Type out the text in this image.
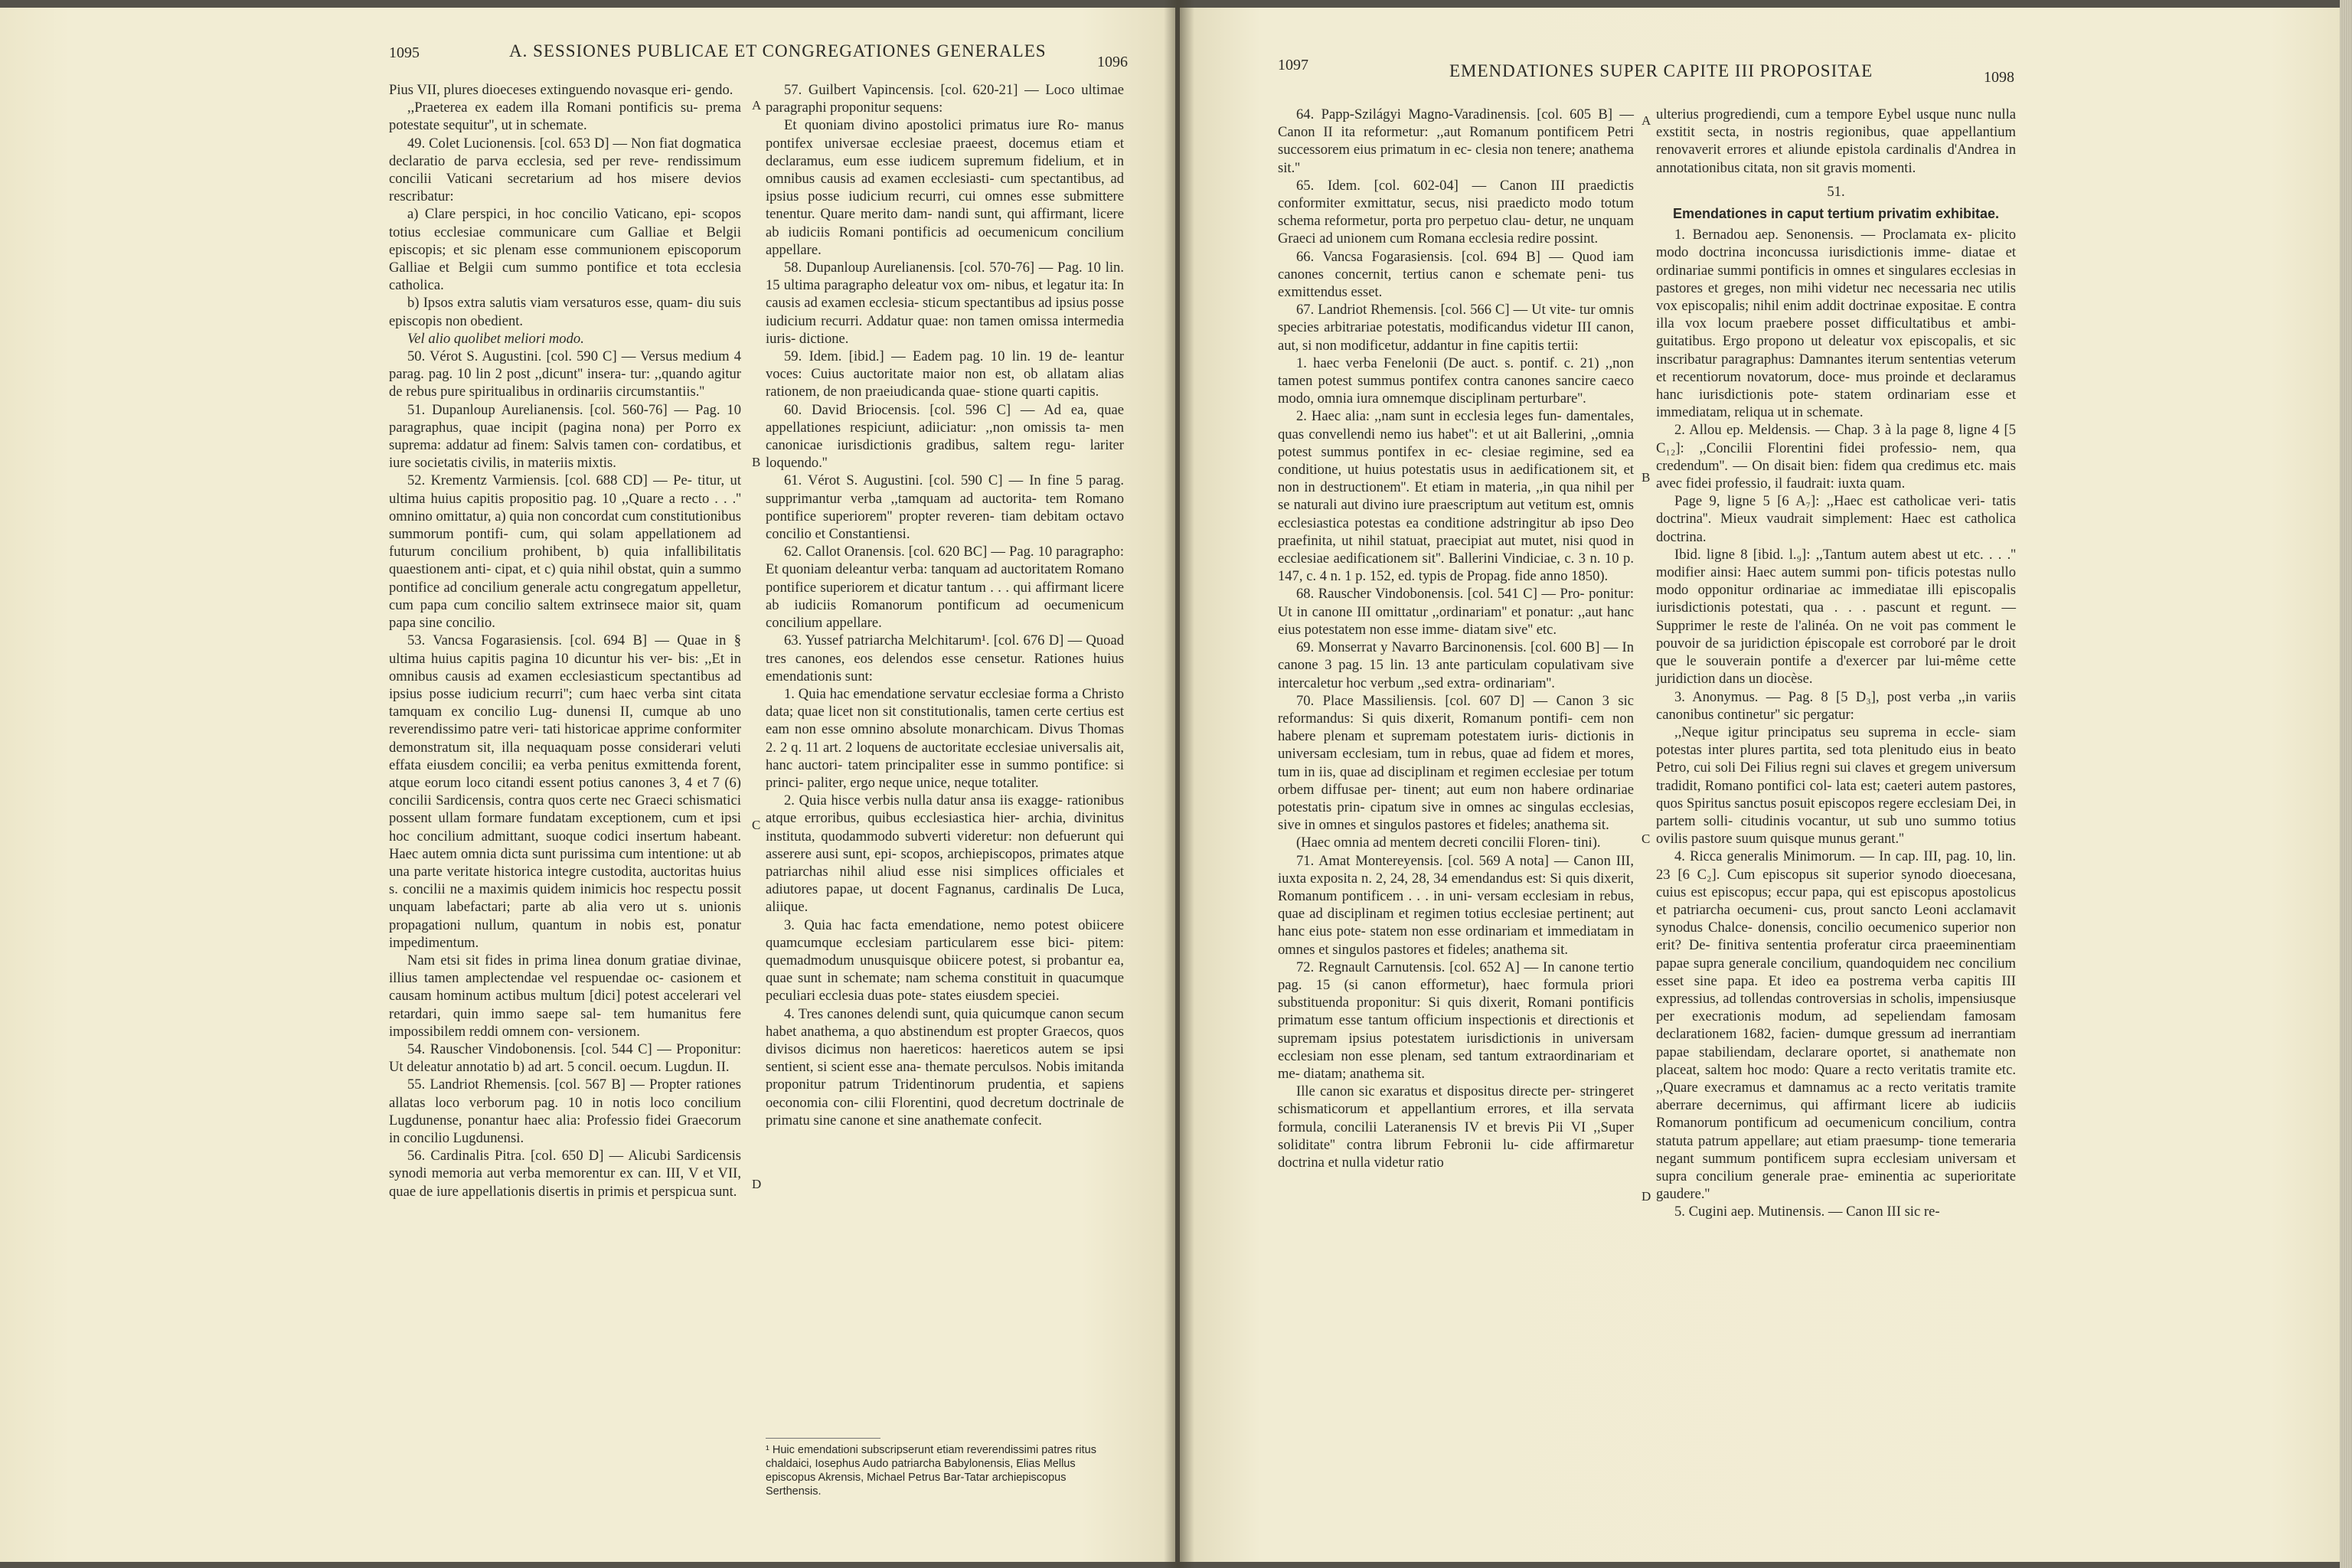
1095	A. SESSIONES PUBLICAE ET CONGREGATIONES GENERALES
1096

Pius VII, plures dioeceses extinguendo novasque eri- gendo.

,,Praeterea ex eadem illa Romani pontificis su- prema potestate sequitur'', ut in schemate.

49. Colet Lucionensis. [col. 653 D] — Non fiat dogmatica declaratio de parva ecclesia, sed per reve- rendissimum concilii Vaticani secretarium ad hos misere devios rescribatur:

a) Clare perspici, in hoc concilio Vaticano, epi- scopos totius ecclesiae communicare cum Galliae et Belgii episcopis; et sic plenam esse communionem episcoporum Galliae et Belgii cum summo pontifice et tota ecclesia catholica.

b) Ipsos extra salutis viam versaturos esse, quam- diu suis episcopis non obedient.

Vel alio quolibet meliori modo.

50. Vérot S. Augustini. [col. 590 C] — Versus medium 4 parag. pag. 10 lin 2 post ,,dicunt'' insera- tur: ,,quando agitur de rebus pure spiritualibus in ordinariis circumstantiis.''

51. Dupanloup Aurelianensis. [col. 560-76] — Pag. 10 paragraphus, quae incipit (pagina nona) per Porro ex suprema: addatur ad finem: Salvis tamen con- cordatibus, et iure societatis civilis, in materiis mixtis.

52. Krementz Varmiensis. [col. 688 CD] — Pe- titur, ut ultima huius capitis propositio pag. 10 ,,Quare a recto . . .'' omnino omittatur, a) quia non concordat cum constitutionibus summorum pontifi- cum, qui solam appellationem ad futurum concilium prohibent, b) quia infallibilitatis quaestionem anti- cipat, et c) quia nihil obstat, quin a summo pontifice ad concilium generale actu congregatum appelletur, cum papa cum concilio saltem extrinsece maior sit, quam papa sine concilio.

53. Vancsa Fogarasiensis. [col. 694 B] — Quae in § ultima huius capitis pagina 10 dicuntur his ver- bis: ,,Et in omnibus causis ad examen ecclesiasticum spectantibus ad ipsius posse iudicium recurri''; cum haec verba sint citata tamquam ex concilio Lug- dunensi II, cumque ab uno reverendissimo patre veri- tati historicae apprime conformiter demonstratum sit, illa nequaquam posse considerari veluti effata eiusdem concilii; ea verba penitus exmittenda forent, atque eorum loco citandi essent potius canones 3, 4 et 7 (6) concilii Sardicensis, contra quos certe nec Graeci schismatici possent ullam formare fundatam exceptionem, cum et ipsi hoc concilium admittant, suoque codici insertum habeant. Haec autem omnia dicta sunt purissima cum intentione: ut ab una parte veritate historica integre custodita, auctoritas huius s. concilii ne a maximis quidem inimicis hoc respectu possit unquam labefactari; parte ab alia vero ut s. unionis propagationi nullum, quantum in nobis est, ponatur impedimentum.

Nam etsi sit fides in prima linea donum gratiae divinae, illius tamen amplectendae vel respuendae oc- casionem et causam hominum actibus multum [dici] potest accelerari vel retardari, quin immo saepe sal- tem humanitus fere impossibilem reddi omnem con- versionem.

54. Rauscher Vindobonensis. [col. 544 C] — Proponitur: Ut deleatur annotatio b) ad art. 5 concil. oecum. Lugdun. II.

55. Landriot Rhemensis. [col. 567 B] — Propter rationes allatas loco verborum pag. 10 in notis loco concilium Lugdunense, ponantur haec alia: Professio fidei Graecorum in concilio Lugdunensi.

56. Cardinalis Pitra. [col. 650 D] — Alicubi Sardicensis synodi memoria aut verba memorentur ex can. III, V et VII, quae de iure appellationis disertis in primis et perspicua sunt.

A
B
C
D

57. Guilbert Vapincensis. [col. 620-21] — Loco ultimae paragraphi proponitur sequens:

Et quoniam divino apostolici primatus iure Ro- manus pontifex universae ecclesiae praeest, docemus etiam et declaramus, eum esse iudicem supremum fidelium, et in omnibus causis ad examen ecclesiasti- cum spectantibus, ad ipsius posse iudicium recurri, cui omnes esse submittere tenentur. Quare merito dam- nandi sunt, qui affirmant, licere ab iudiciis Romani pontificis ad oecumenicum concilium appellare.

58. Dupanloup Aurelianensis. [col. 570-76] — Pag. 10 lin. 15 ultima paragrapho deleatur vox om- nibus, et legatur ita: In causis ad examen ecclesia- sticum spectantibus ad ipsius posse iudicium recurri. Addatur quae: non tamen omissa intermedia iuris- dictione.

59. Idem. [ibid.] — Eadem pag. 10 lin. 19 de- leantur voces: Cuius auctoritate maior non est, ob allatam alias rationem, de non praeiudicanda quae- stione quarti capitis.

60. David Briocensis. [col. 596 C] — Ad ea, quae appellationes respiciunt, adiiciatur: ,,non omissis ta- men canonicae iurisdictionis gradibus, saltem regu- lariter loquendo.''

61. Vérot S. Augustini. [col. 590 C] — In fine 5 parag. supprimantur verba ,,tamquam ad auctorita- tem Romano pontifice superiorem'' propter reveren- tiam debitam octavo concilio et Constantiensi.

62. Callot Oranensis. [col. 620 BC] — Pag. 10 paragrapho: Et quoniam deleantur verba: tanquam ad auctoritatem Romano pontifice superiorem et dicatur tantum . . . qui affirmant licere ab iudiciis Romanorum pontificum ad oecumenicum concilium appellare.

63. Yussef patriarcha Melchitarum¹. [col. 676 D] — Quoad tres canones, eos delendos esse censetur. Rationes huius emendationis sunt:

1. Quia hac emendatione servatur ecclesiae forma a Christo data; quae licet non sit constitutionalis, tamen certe certius est eam non esse omnino absolute monarchicam. Divus Thomas 2. 2 q. 11 art. 2 loquens de auctoritate ecclesiae universalis ait, hanc auctori- tatem principaliter esse in summo pontifice: si princi- paliter, ergo neque unice, neque totaliter.

2. Quia hisce verbis nulla datur ansa iis exagge- rationibus atque erroribus, quibus ecclesiastica hier- archia, divinitus instituta, quodammodo subverti videretur: non defuerunt qui asserere ausi sunt, epi- scopos, archiepiscopos, primates atque patriarchas nihil aliud esse nisi simplices officiales et adiutores papae, ut docent Fagnanus, cardinalis De Luca, aliique.

3. Quia hac facta emendatione, nemo potest obiicere quamcumque ecclesiam particularem esse bici- pitem: quemadmodum unusquisque obiicere potest, si probantur ea, quae sunt in schemate; nam schema constituit in quacumque peculiari ecclesia duas pote- states eiusdem speciei.

4. Tres canones delendi sunt, quia quicumque canon secum habet anathema, a quo abstinendum est propter Graecos, quos divisos dicimus non haereticos: haereticos autem se ipsi sentient, si scient esse ana- themate perculsos. Nobis imitanda proponitur patrum Tridentinorum prudentia, et sapiens oeconomia con- cilii Florentini, quod decretum doctrinale de primatu sine canone et sine anathemate confecit.

¹ Huic emendationi subscripserunt etiam reverendissimi patres ritus chaldaici, Iosephus Audo patriarcha Babylonensis, Elias Mellus episcopus Akrensis, Michael Petrus Bar-Tatar archiepiscopus Serthensis.
1097	EMENDATIONES SUPER CAPITE III PROPOSITAE	1098

64. Papp-Szilágyi Magno-Varadinensis. [col. 605 B] — Canon II ita reformetur: ,,aut Romanum pontificem Petri successorem eius primatum in ec- clesia non tenere; anathema sit.''

65. Idem. [col. 602-04] — Canon III praedictis conformiter exmittatur, secus, nisi praedicto modo totum schema reformetur, porta pro perpetuo clau- detur, ne unquam Graeci ad unionem cum Romana ecclesia redire possint.

66. Vancsa Fogarasiensis. [col. 694 B] — Quod iam canones concernit, tertius canon e schemate peni- tus exmittendus esset.

67. Landriot Rhemensis. [col. 566 C] — Ut vite- tur omnis species arbitrariae potestatis, modificandus videtur III canon, aut, si non modificetur, addantur in fine capitis tertii:

1. haec verba Fenelonii (De auct. s. pontif. c. 21) ,,non tamen potest summus pontifex contra canones sancire caeco modo, omnia iura omnemque disciplinam perturbare''.

2. Haec alia: ,,nam sunt in ecclesia leges fun- damentales, quas convellendi nemo ius habet'': et ut ait Ballerini, ,,omnia potest summus pontifex in ec- clesiae regimine, sed ea conditione, ut huius potestatis usus in aedificationem sit, et non in destructionem''. Et etiam in materia, ,,in qua nihil per se naturali aut divino iure praescriptum aut vetitum est, omnis ecclesiastica potestas ea conditione adstringitur ab ipso Deo praefinita, ut nihil statuat, praecipiat aut mutet, nisi quod in ecclesiae aedificationem sit''. Ballerini Vindiciae, c. 3 n. 10 p. 147, c. 4 n. 1 p. 152, ed. typis de Propag. fide anno 1850).

68. Rauscher Vindobonensis. [col. 541 C] — Pro- ponitur: Ut in canone III omittatur ,,ordinariam'' et ponatur: ,,aut hanc eius potestatem non esse imme- diatam sive'' etc.

69. Monserrat y Navarro Barcinonensis. [col. 600 B] — In canone 3 pag. 15 lin. 13 ante particulam copulativam sive intercaletur hoc verbum ,,sed extra- ordinariam''.

70. Place Massiliensis. [col. 607 D] — Canon 3 sic reformandus: Si quis dixerit, Romanum pontifi- cem non habere plenam et supremam potestatem iuris- dictionis in universam ecclesiam, tum in rebus, quae ad fidem et mores, tum in iis, quae ad disciplinam et regimen ecclesiae per totum orbem diffusae per- tinent; aut eum non habere ordinariae potestatis prin- cipatum sive in omnes ac singulas ecclesias, sive in omnes et singulos pastores et fideles; anathema sit.

(Haec omnia ad mentem decreti concilii Floren- tini).

71. Amat Montereyensis. [col. 569 A nota] — Canon III, iuxta exposita n. 2, 24, 28, 34 emendandus est: Si quis dixerit, Romanum pontificem . . . in uni- versam ecclesiam in rebus, quae ad disciplinam et regimen totius ecclesiae pertinent; aut hanc eius pote- statem non esse ordinariam et immediatam in omnes et singulos pastores et fideles; anathema sit.

72. Regnault Carnutensis. [col. 652 A] — In canone tertio pag. 15 (si canon efformetur), haec formula priori substituenda proponitur: Si quis dixerit, Romani pontificis primatum esse tantum officium inspectionis et directionis et supremam ipsius potestatem iurisdictionis in universam ecclesiam non esse plenam, sed tantum extraordinariam et me- diatam; anathema sit.

Ille canon sic exaratus et dispositus directe per- stringeret schismaticorum et appellantium errores, et illa servata formula, concilii Lateranensis IV et brevis Pii VI ,,Super soliditate'' contra librum Febronii lu- cide affirmaretur doctrina et nulla videtur ratio

A
B
C
D

ulterius progrediendi, cum a tempore Eybel usque nunc nulla exstitit secta, in nostris regionibus, quae appellantium renovaverit errores et aliunde epistola cardinalis d'Andrea in annotationibus citata, non sit gravis momenti.

51.

Emendationes in caput tertium privatim exhibitae.

1. Bernadou aep. Senonensis. — Proclamata ex- plicito modo doctrina inconcussa iurisdictionis imme- diatae et ordinariae summi pontificis in omnes et singulares ecclesias in pastores et greges, non mihi videtur nec necessaria nec utilis vox episcopalis; nihil enim addit doctrinae expositae. E contra illa vox locum praebere posset difficultatibus et ambi- guitatibus. Ergo propono ut deleatur vox episcopalis, et sic inscribatur paragraphus: Damnantes iterum sententias veterum et recentiorum novatorum, doce- mus proinde et declaramus hanc iurisdictionis pote- statem ordinariam esse et immediatam, reliqua ut in schemate.

2. Allou ep. Meldensis. — Chap. 3 à la page 8, ligne 4 [5 C₁₂]: ,,Concilii Florentini fidei professio- nem, qua credendum''. — On disait bien: fidem qua credimus etc. mais avec fidei professio, il faudrait: iuxta quam.

Page 9, ligne 5 [6 A₇]: ,,Haec est catholicae veri- tatis doctrina''. Mieux vaudrait simplement: Haec est catholica doctrina.

Ibid. ligne 8 [ibid. l.₉]: ,,Tantum autem abest ut etc. . . .'' modifier ainsi: Haec autem summi pon- tificis potestas nullo modo opponitur ordinariae ac immediatae illi episcopalis iurisdictionis potestati, qua . . . pascunt et regunt. — Supprimer le reste de l'alinéa. On ne voit pas comment le pouvoir de sa juridiction épiscopale est corroboré par le droit que le souverain pontife a d'exercer par lui-même cette juridiction dans un diocèse.

3. Anonymus. — Pag. 8 [5 D₃], post verba ,,in variis canonibus continetur'' sic pergatur:

,,Neque igitur principatus seu suprema in eccle- siam potestas inter plures partita, sed tota plenitudo eius in beato Petro, cui soli Dei Filius regni sui claves et gregem universum tradidit, Romano pontifici col- lata est; caeteri autem pastores, quos Spiritus sanctus posuit episcopos regere ecclesiam Dei, in partem solli- citudinis vocantur, ut sub uno summo totius ovilis pastore suum quisque munus gerant.''

4. Ricca generalis Minimorum. — In cap. III, pag. 10, lin. 23 [6 C₂]. Cum episcopus sit superior synodo dioecesana, cuius est episcopus; eccur papa, qui est episcopus apostolicus et patriarcha oecumeni- cus, prout sancto Leoni acclamavit synodus Chalce- donensis, concilio oecumenico superior non erit? De- finitiva sententia proferatur circa praeeminentiam papae supra generale concilium, quandoquidem nec concilium esset sine papa. Et ideo ea postrema verba capitis III expressius, ad tollendas controversias in scholis, impensiusque per execrationis modum, ad sepeliendam famosam declarationem 1682, facien- dumque gressum ad inerrantiam papae stabiliendam, declarare oportet, si anathemate non placeat, saltem hoc modo: Quare a recto veritatis tramite etc. ,,Quare execramus et damnamus ac a recto veritatis tramite aberrare decernimus, qui affirmant licere ab iudiciis Romanorum pontificum ad oecumenicum concilium, contra statuta patrum appellare; aut etiam praesump- tione temeraria negant summum pontificem supra ecclesiam universam et supra concilium generale prae- eminentia ac superioritate gaudere.''

5. Cugini aep. Mutinensis. — Canon III sic re-
